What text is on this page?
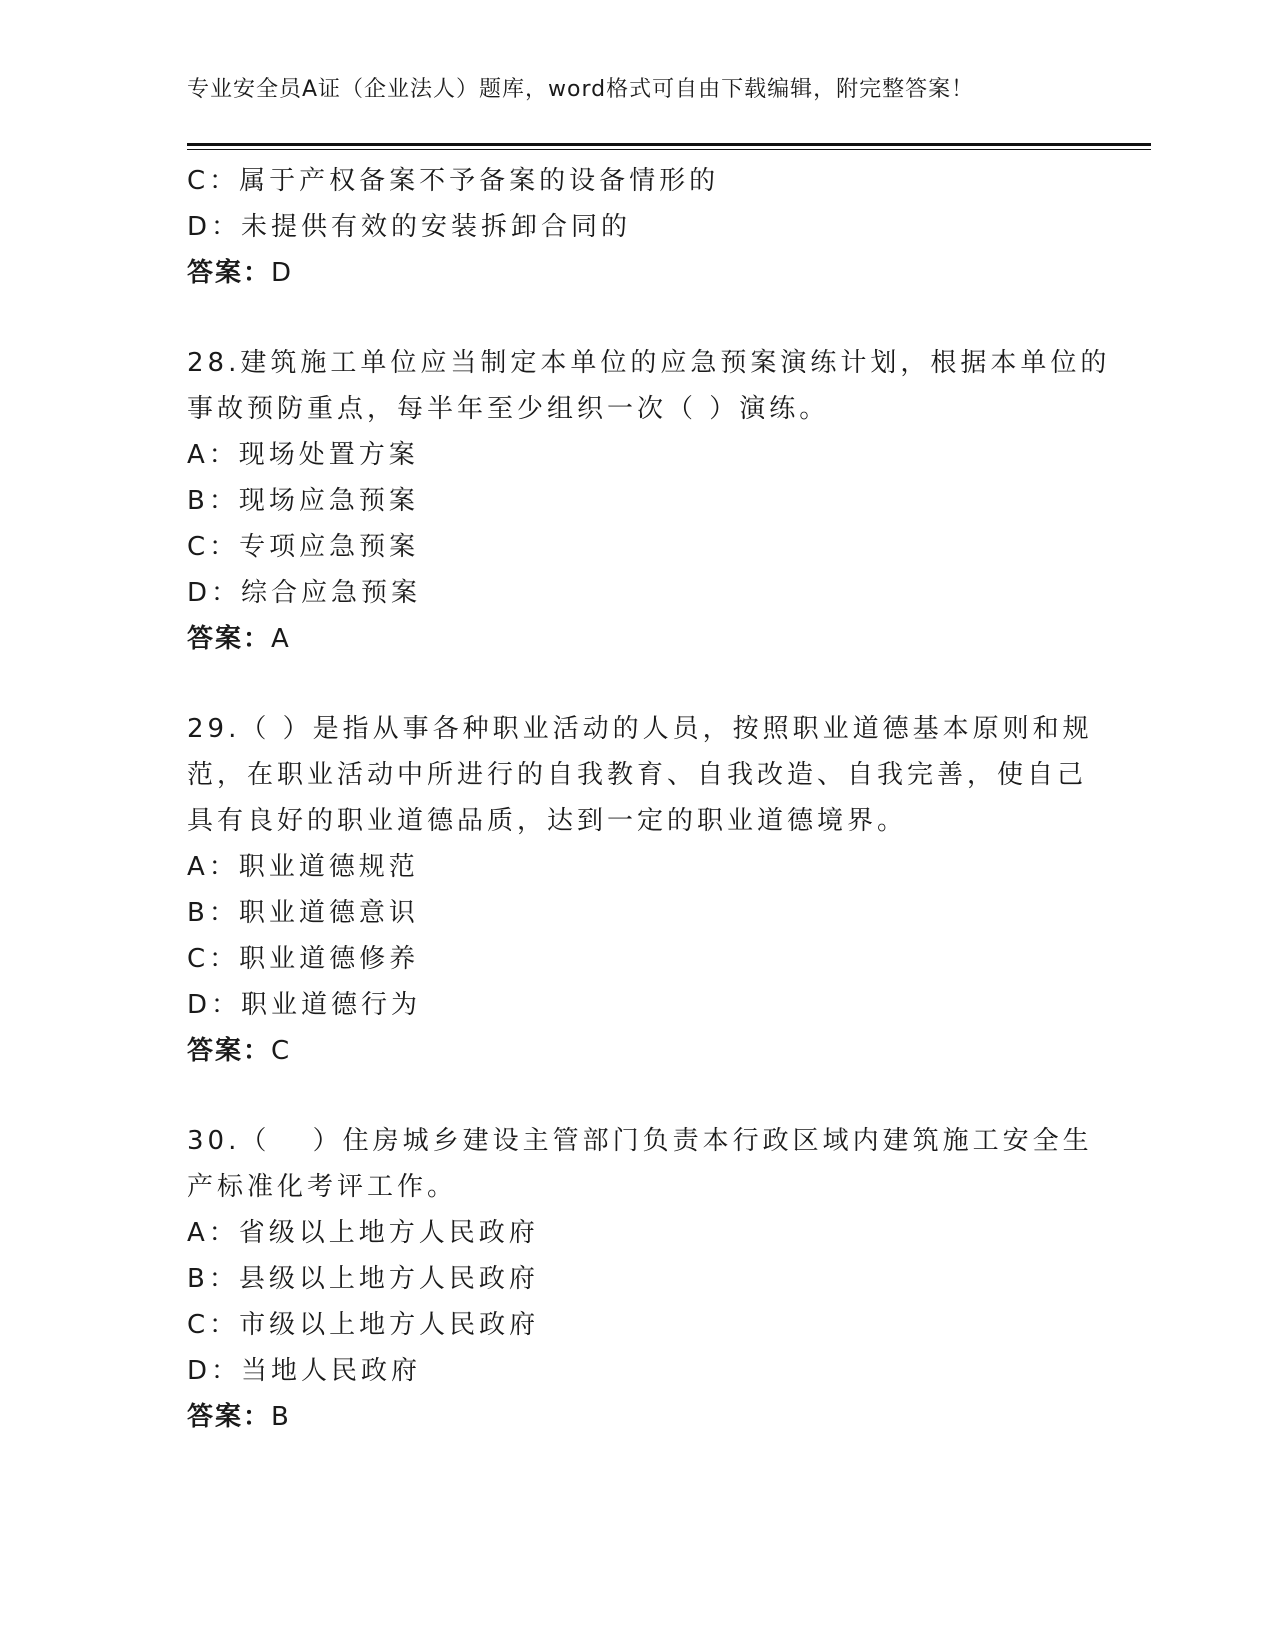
专业安全员A证（企业法人）题库，word格式可自由下载编辑，附完整答案！
C：属于产权备案不予备案的设备情形的
D：未提供有效的安装拆卸合同的
答案：D
28.建筑施工单位应当制定本单位的应急预案演练计划，根据本单位的
事故预防重点，每半年至少组织一次（ ）演练。
A：现场处置方案
B：现场应急预案
C：专项应急预案
D：综合应急预案
答案：A
29.（ ）是指从事各种职业活动的人员，按照职业道德基本原则和规
范，在职业活动中所进行的自我教育、自我改造、自我完善，使自己
具有良好的职业道德品质，达到一定的职业道德境界。
A：职业道德规范
B：职业道德意识
C：职业道德修养
D：职业道德行为
答案：C
30.（　 ）住房城乡建设主管部门负责本行政区域内建筑施工安全生
产标准化考评工作。
A：省级以上地方人民政府
B：县级以上地方人民政府
C：市级以上地方人民政府
D：当地人民政府
答案：B
